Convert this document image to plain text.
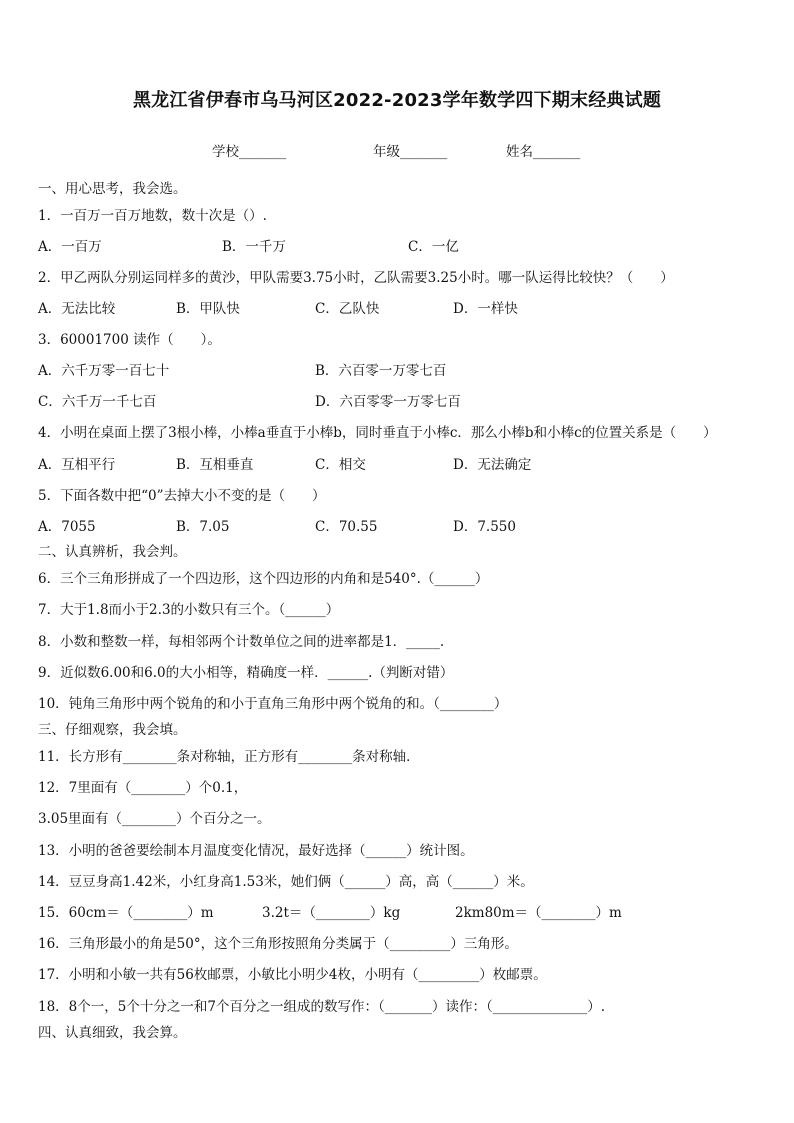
黑龙江省伊春市乌马河区2022-2023学年数学四下期末经典试题
学校_______	年级_______	姓名_______
一、用心思考，我会选。
1．一百万一百万地数，数十次是（）.
A．一百万	B．一千万	C．一亿
2．甲乙两队分别运同样多的黄沙，甲队需要3.75小时，乙队需要3.25小时。哪一队运得比较快？（　　）
A．无法比较	B．甲队快	C．乙队快	D．一样快
3．60001700 读作（　　）。
A．六千万零一百七十	B．六百零一万零七百
C．六千万一千七百	D．六百零零一万零七百
4．小明在桌面上摆了3根小棒，小棒a垂直于小棒b，同时垂直于小棒c．那么小棒b和小棒c的位置关系是（　　）
A．互相平行	B．互相垂直	C．相交	D．无法确定
5．下面各数中把“0”去掉大小不变的是（　　）
A．7055	B．7.05	C．70.55	D．7.550
二、认真辨析，我会判。
6．三个三角形拼成了一个四边形，这个四边形的内角和是540°.（______）
7．大于1.8而小于2.3的小数只有三个。（______）
8．小数和整数一样，每相邻两个计数单位之间的进率都是1．_____.
9．近似数6.00和6.0的大小相等，精确度一样．______.（判断对错）
10．钝角三角形中两个锐角的和小于直角三角形中两个锐角的和。（________）
三、仔细观察，我会填。
11．长方形有________条对称轴，正方形有________条对称轴．
12．7里面有（________）个0.1，
3.05里面有（________）个百分之一。
13．小明的爸爸要绘制本月温度变化情况，最好选择（______）统计图。
14．豆豆身高1.42米，小红身高1.53米，她们俩（______）高，高（______）米。
15．60cm＝（________）m	3.2t＝（________）kg	2km80m＝（________）m
16．三角形最小的角是50°，这个三角形按照角分类属于（_________）三角形。
17．小明和小敏一共有56枚邮票，小敏比小明少4枚，小明有（_________）枚邮票。
18．8个一，5个十分之一和7个百分之一组成的数写作：（_______）读作：（______________）.
四、认真细致，我会算。
